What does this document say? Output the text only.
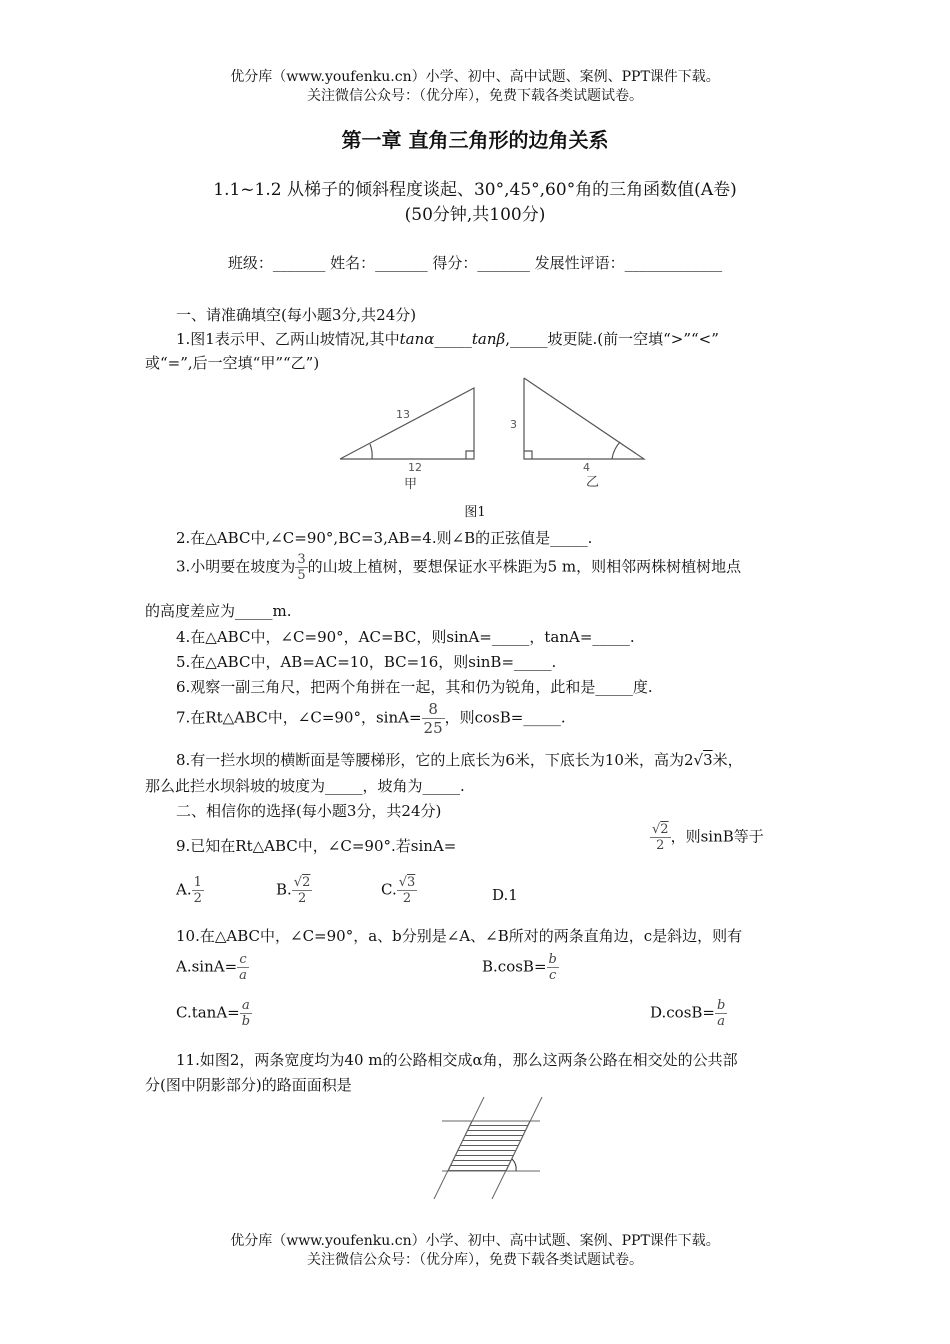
优分库（www.youfenku.cn）小学、初中、高中试题、案例、PPT课件下载。
关注微信公众号：（优分库），免费下载各类试题试卷。
第一章 直角三角形的边角关系
1.1~1.2 从梯子的倾斜程度谈起、30°,45°,60°角的三角函数值(A卷)
(50分钟,共100分)
班级：_______ 姓名：_______ 得分：_______ 发展性评语：_____________
一、请准确填空(每小题3分,共24分)
1.图1表示甲、乙两山坡情况,其中tanα_____tanβ,_____坡更陡.(前一空填“>”“<”
或“=”,后一空填“甲”“乙”)
13
12
甲
3
4
乙
图1
2.在△ABC中,∠C=90°,BC=3,AB=4.则∠B的正弦值是_____.
3.小明要在坡度为 $\frac{3}{5}$ 的山坡上植树，要想保证水平株距为5 m，则相邻两株树植树地点
的高度差应为_____m.
4.在△ABC中，∠C=90°，AC=BC，则sinA=_____，tanA=_____.
5.在△ABC中，AB=AC=10，BC=16，则sinB=_____.
6.观察一副三角尺，把两个角拼在一起，其和仍为锐角，此和是_____度.
7.在Rt△ABC中，∠C=90°，$\sin A= \frac{8}{25}$ ，则cosB=_____.
8.有一拦水坝的横断面是等腰梯形，它的上底长为6米，下底长为10米，高为2√3米，
那么此拦水坝斜坡的坡度为_____，坡角为_____.
二、相信你的选择(每小题3分，共24分)
9.已知在Rt△ABC中，∠C=90°.若sinA=	$\frac{√2}{2}$ ，则sinB等于
A. $\frac{1}{2}$	B. $\frac{√2}{2}$	C. $\frac{√3}{2}$	D.1
10.在△ABC中，∠C=90°，a、b分别是∠A、∠B所对的两条直角边，c是斜边，则有
$A.\sin A= \frac{c}{a}$	$B.\cos B= \frac{b}{c}$
$C.\tan A= \frac{a}{b}$	$D.\cos B= \frac{b}{a}$
11.如图2，两条宽度均为40 m的公路相交成α角，那么这两条公路在相交处的公共部
分(图中阴影部分)的路面面积是
优分库（www.youfenku.cn）小学、初中、高中试题、案例、PPT课件下载。
关注微信公众号：（优分库），免费下载各类试题试卷。
